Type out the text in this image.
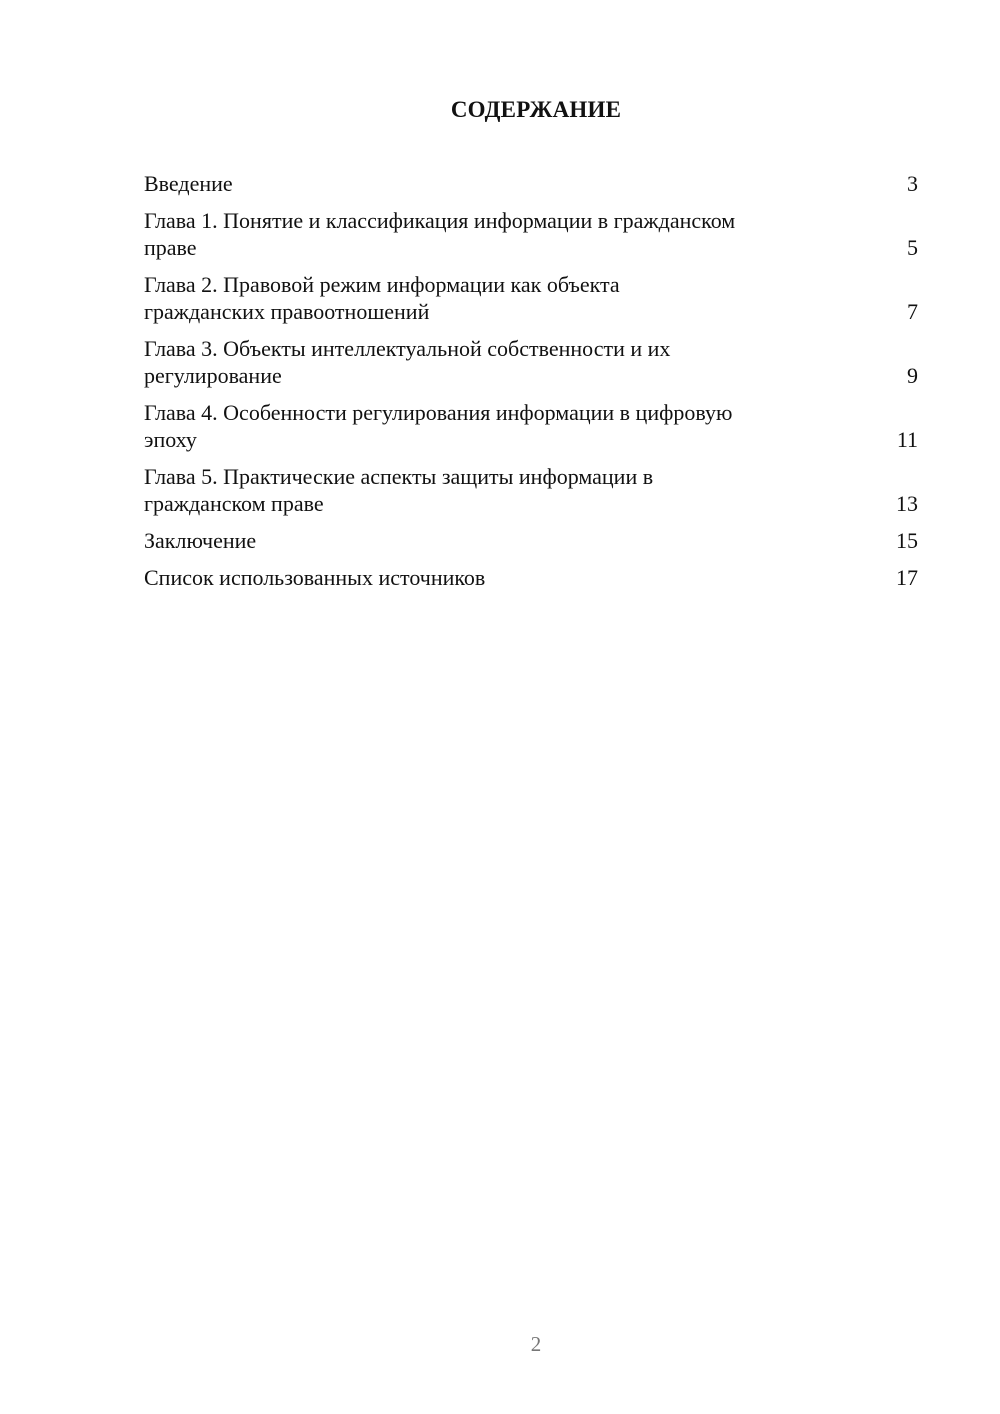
СОДЕРЖАНИЕ
Введение	3
Глава 1. Понятие и классификация информации в гражданском
праве	5
Глава 2. Правовой режим информации как объекта
гражданских правоотношений	7
Глава 3. Объекты интеллектуальной собственности и их
регулирование	9
Глава 4. Особенности регулирования информации в цифровую
эпоху	11
Глава 5. Практические аспекты защиты информации в
гражданском праве	13
Заключение	15
Список использованных источников	17
2
